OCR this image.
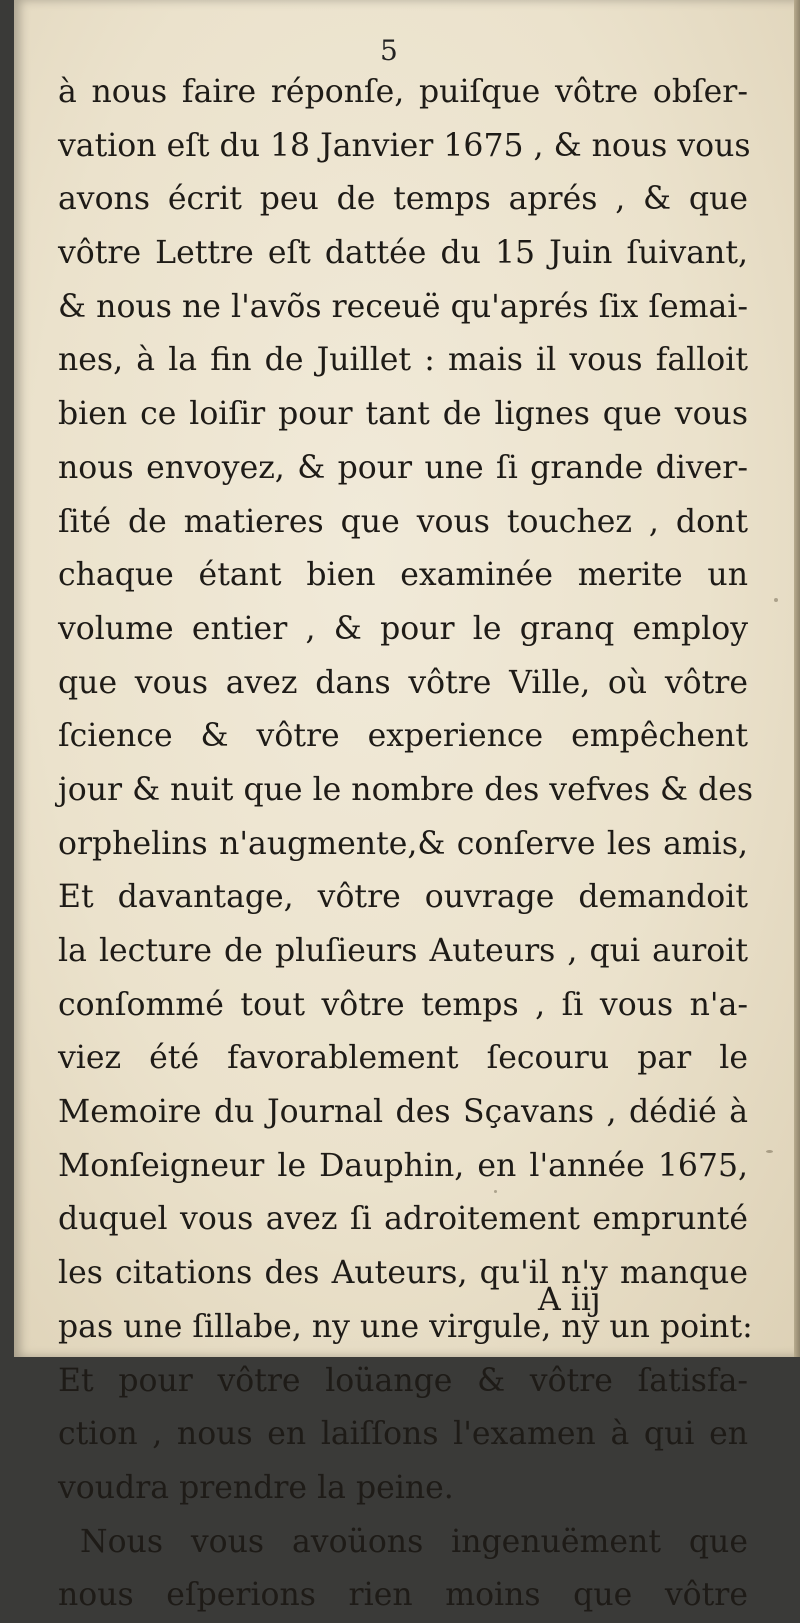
5

à nous faire réponſe, puiſque vôtre obſer-
vation eſt du 18 Janvier 1675 , & nous vous
avons écrit peu de temps aprés , & que
vôtre Lettre eſt dattée du 15 Juin ſuivant,
& nous ne l'avõs receuë qu'aprés ſix ſemai-
nes, à la fin de Juillet : mais il vous falloit
bien ce loiſir pour tant de lignes que vous
nous envoyez, & pour une ſi grande diver-
ſité de matieres que vous touchez , dont
chaque étant bien examinée merite un
volume entier , & pour le granq employ
que vous avez dans vôtre Ville, où vôtre
ſcience & vôtre experience empêchent
jour & nuit que le nombre des vefves & des
orphelins n'augmente,& conſerve les amis,
Et davantage, vôtre ouvrage demandoit
la lecture de pluſieurs Auteurs , qui auroit
conſommé tout vôtre temps , ſi vous n'a-
viez été favorablement ſecouru par le
Memoire du Journal des Sçavans , dédié à
Monſeigneur le Dauphin, en l'année 1675,
duquel vous avez ſi adroitement emprunté
les citations des Auteurs, qu'il n'y manque
pas une ſillabe, ny une virgule, ny un point:
Et pour vôtre loüange & vôtre ſatisfa-
ction , nous en laiſſons l'examen à qui en
voudra prendre la peine.
Nous vous avoüons ingenuëment que
nous eſperions rien moins que vôtre

A iij
